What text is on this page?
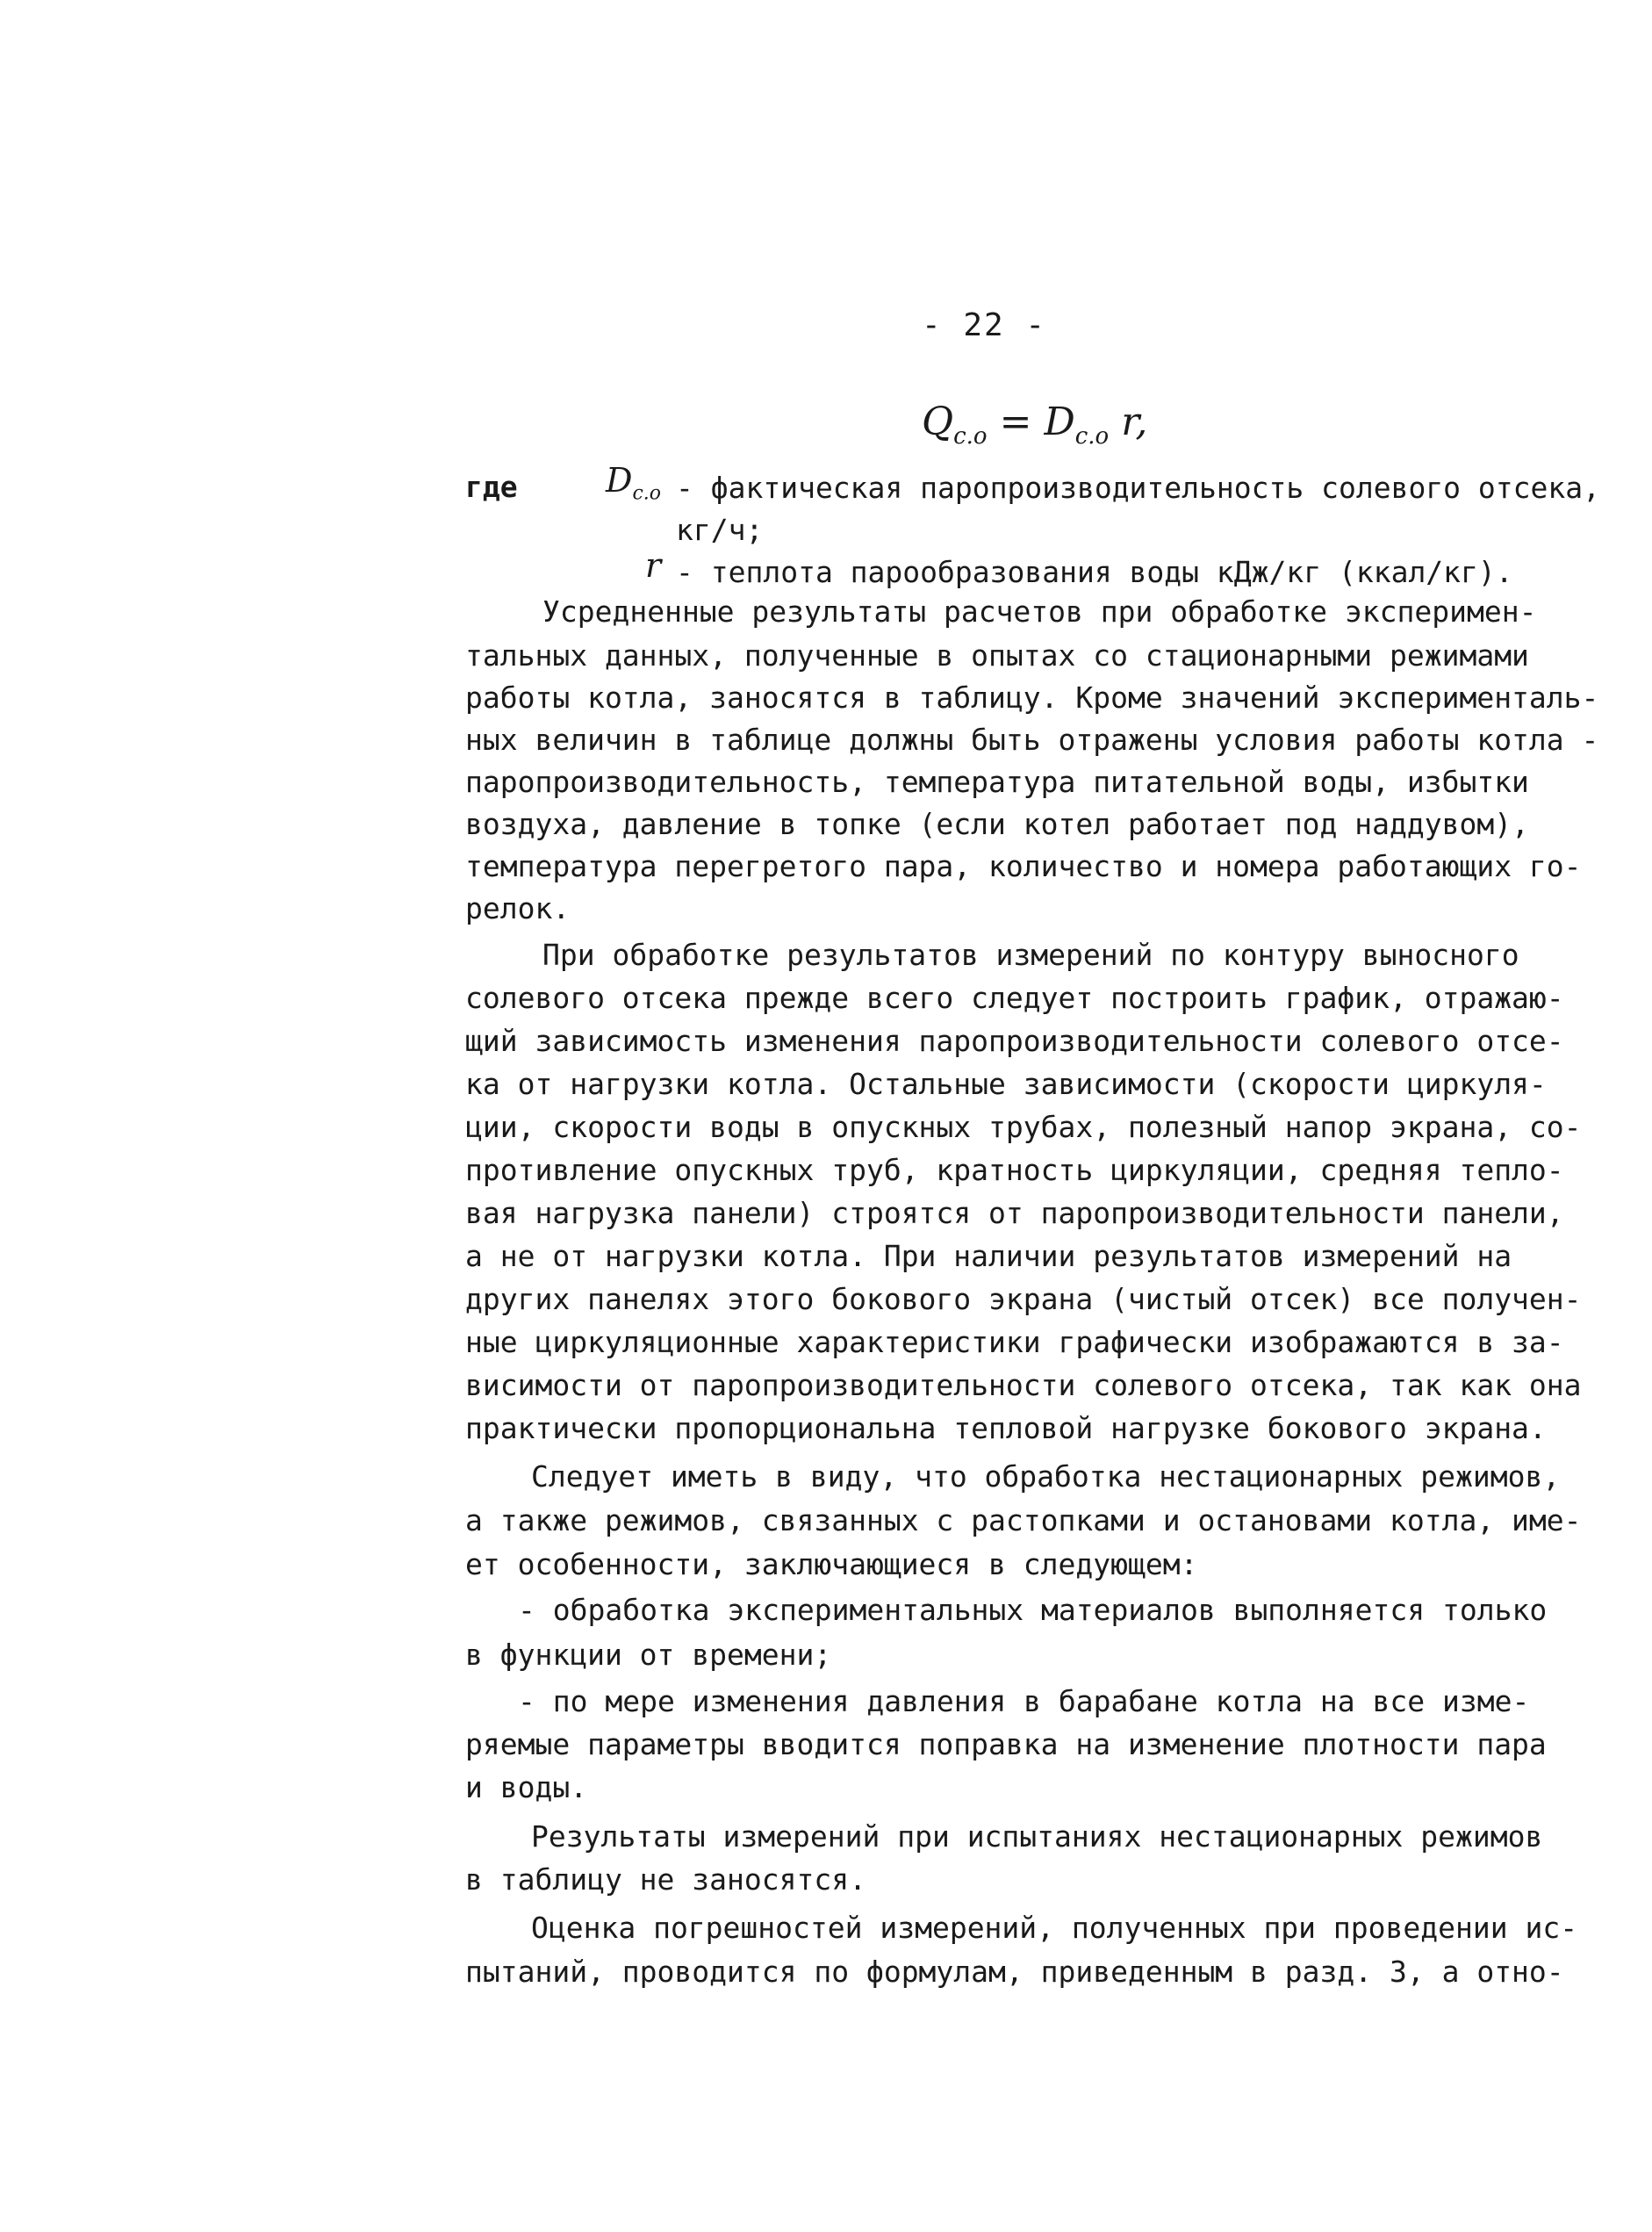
- 22 -
$Q_{с.о} = D_{с.о}$ r,
где	$D_{с.о}$ - фактическая паропроизводительность солевого отсека,
кг/ч;
r - теплота парообразования воды кДж/кг (ккал/кг).
Усредненные результаты расчетов при обработке эксперимен-
тальных данных, полученные в опытах со стационарными режимами
работы котла, заносятся в таблицу. Кроме значений эксперименталь-
ных величин в таблице должны быть отражены условия работы котла -
паропроизводительность, температура питательной воды, избытки
воздуха, давление в топке (если котел работает под наддувом),
температура перегретого пара, количество и номера работающих го-
релок.
При обработке результатов измерений по контуру выносного
солевого отсека прежде всего следует построить график, отражаю-
щий зависимость изменения паропроизводительности солевого отсе-
ка от нагрузки котла. Остальные зависимости (скорости циркуля-
ции, скорости воды в опускных трубах, полезный напор экрана, со-
противление опускных труб, кратность циркуляции, средняя тепло-
вая нагрузка панели) строятся от паропроизводительности панели,
а не от нагрузки котла. При наличии результатов измерений на
других панелях этого бокового экрана (чистый отсек) все получен-
ные циркуляционные характеристики графически изображаются в за-
висимости от паропроизводительности солевого отсека, так как она
практически пропорциональна тепловой нагрузке бокового экрана.
Следует иметь в виду, что обработка нестационарных режимов,
а также режимов, связанных с растопками и остановами котла, име-
ет особенности, заключающиеся в следующем:
- обработка экспериментальных материалов выполняется только
в функции от времени;
- по мере изменения давления в барабане котла на все изме-
ряемые параметры вводится поправка на изменение плотности пара
и воды.
Результаты измерений при испытаниях нестационарных режимов
в таблицу не заносятся.
Оценка погрешностей измерений, полученных при проведении ис-
пытаний, проводится по формулам, приведенным в разд. 3, а отно-
